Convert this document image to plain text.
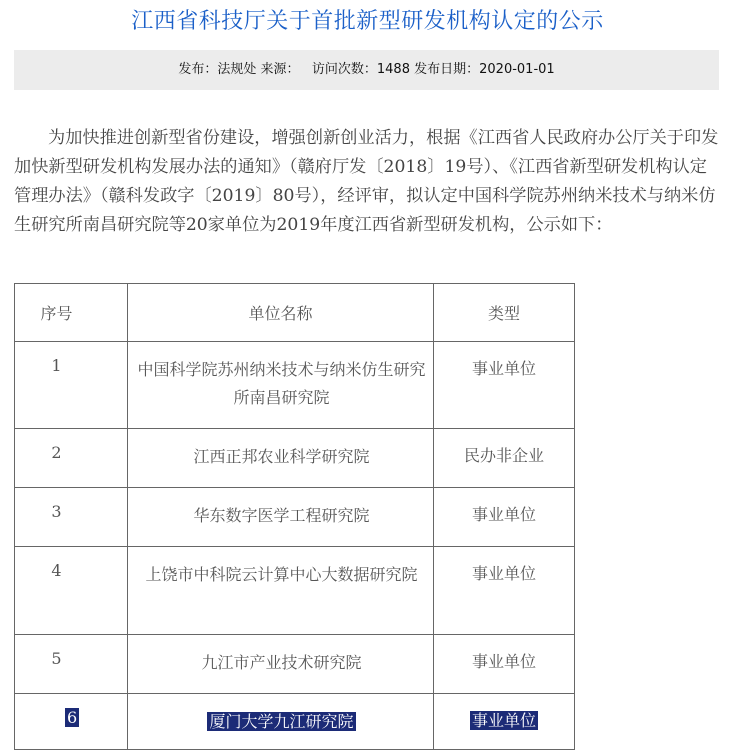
江西省科技厅关于首批新型研发机构认定的公示
发布：法规处 来源： 访问次数：1488 发布日期：2020-01-01
为加快推进创新型省份建设，增强创新创业活力，根据《江西省人民政府办公厅关于印发加快新型研发机构发展办法的通知》（赣府厅发〔2018〕19号）、《江西省新型研发机构认定管理办法》（赣科发政字〔2019〕80号），经评审，拟认定中国科学院苏州纳米技术与纳米仿生研究所南昌研究院等20家单位为2019年度江西省新型研发机构，公示如下：
序号	单位名称	类型
1	中国科学院苏州纳米技术与纳米仿生研究所南昌研究院	事业单位
2	江西正邦农业科学研究院	民办非企业
3	华东数字医学工程研究院	事业单位
4	上饶市中科院云计算中心大数据研究院	事业单位
5	九江市产业技术研究院	事业单位
6	厦门大学九江研究院	事业单位
